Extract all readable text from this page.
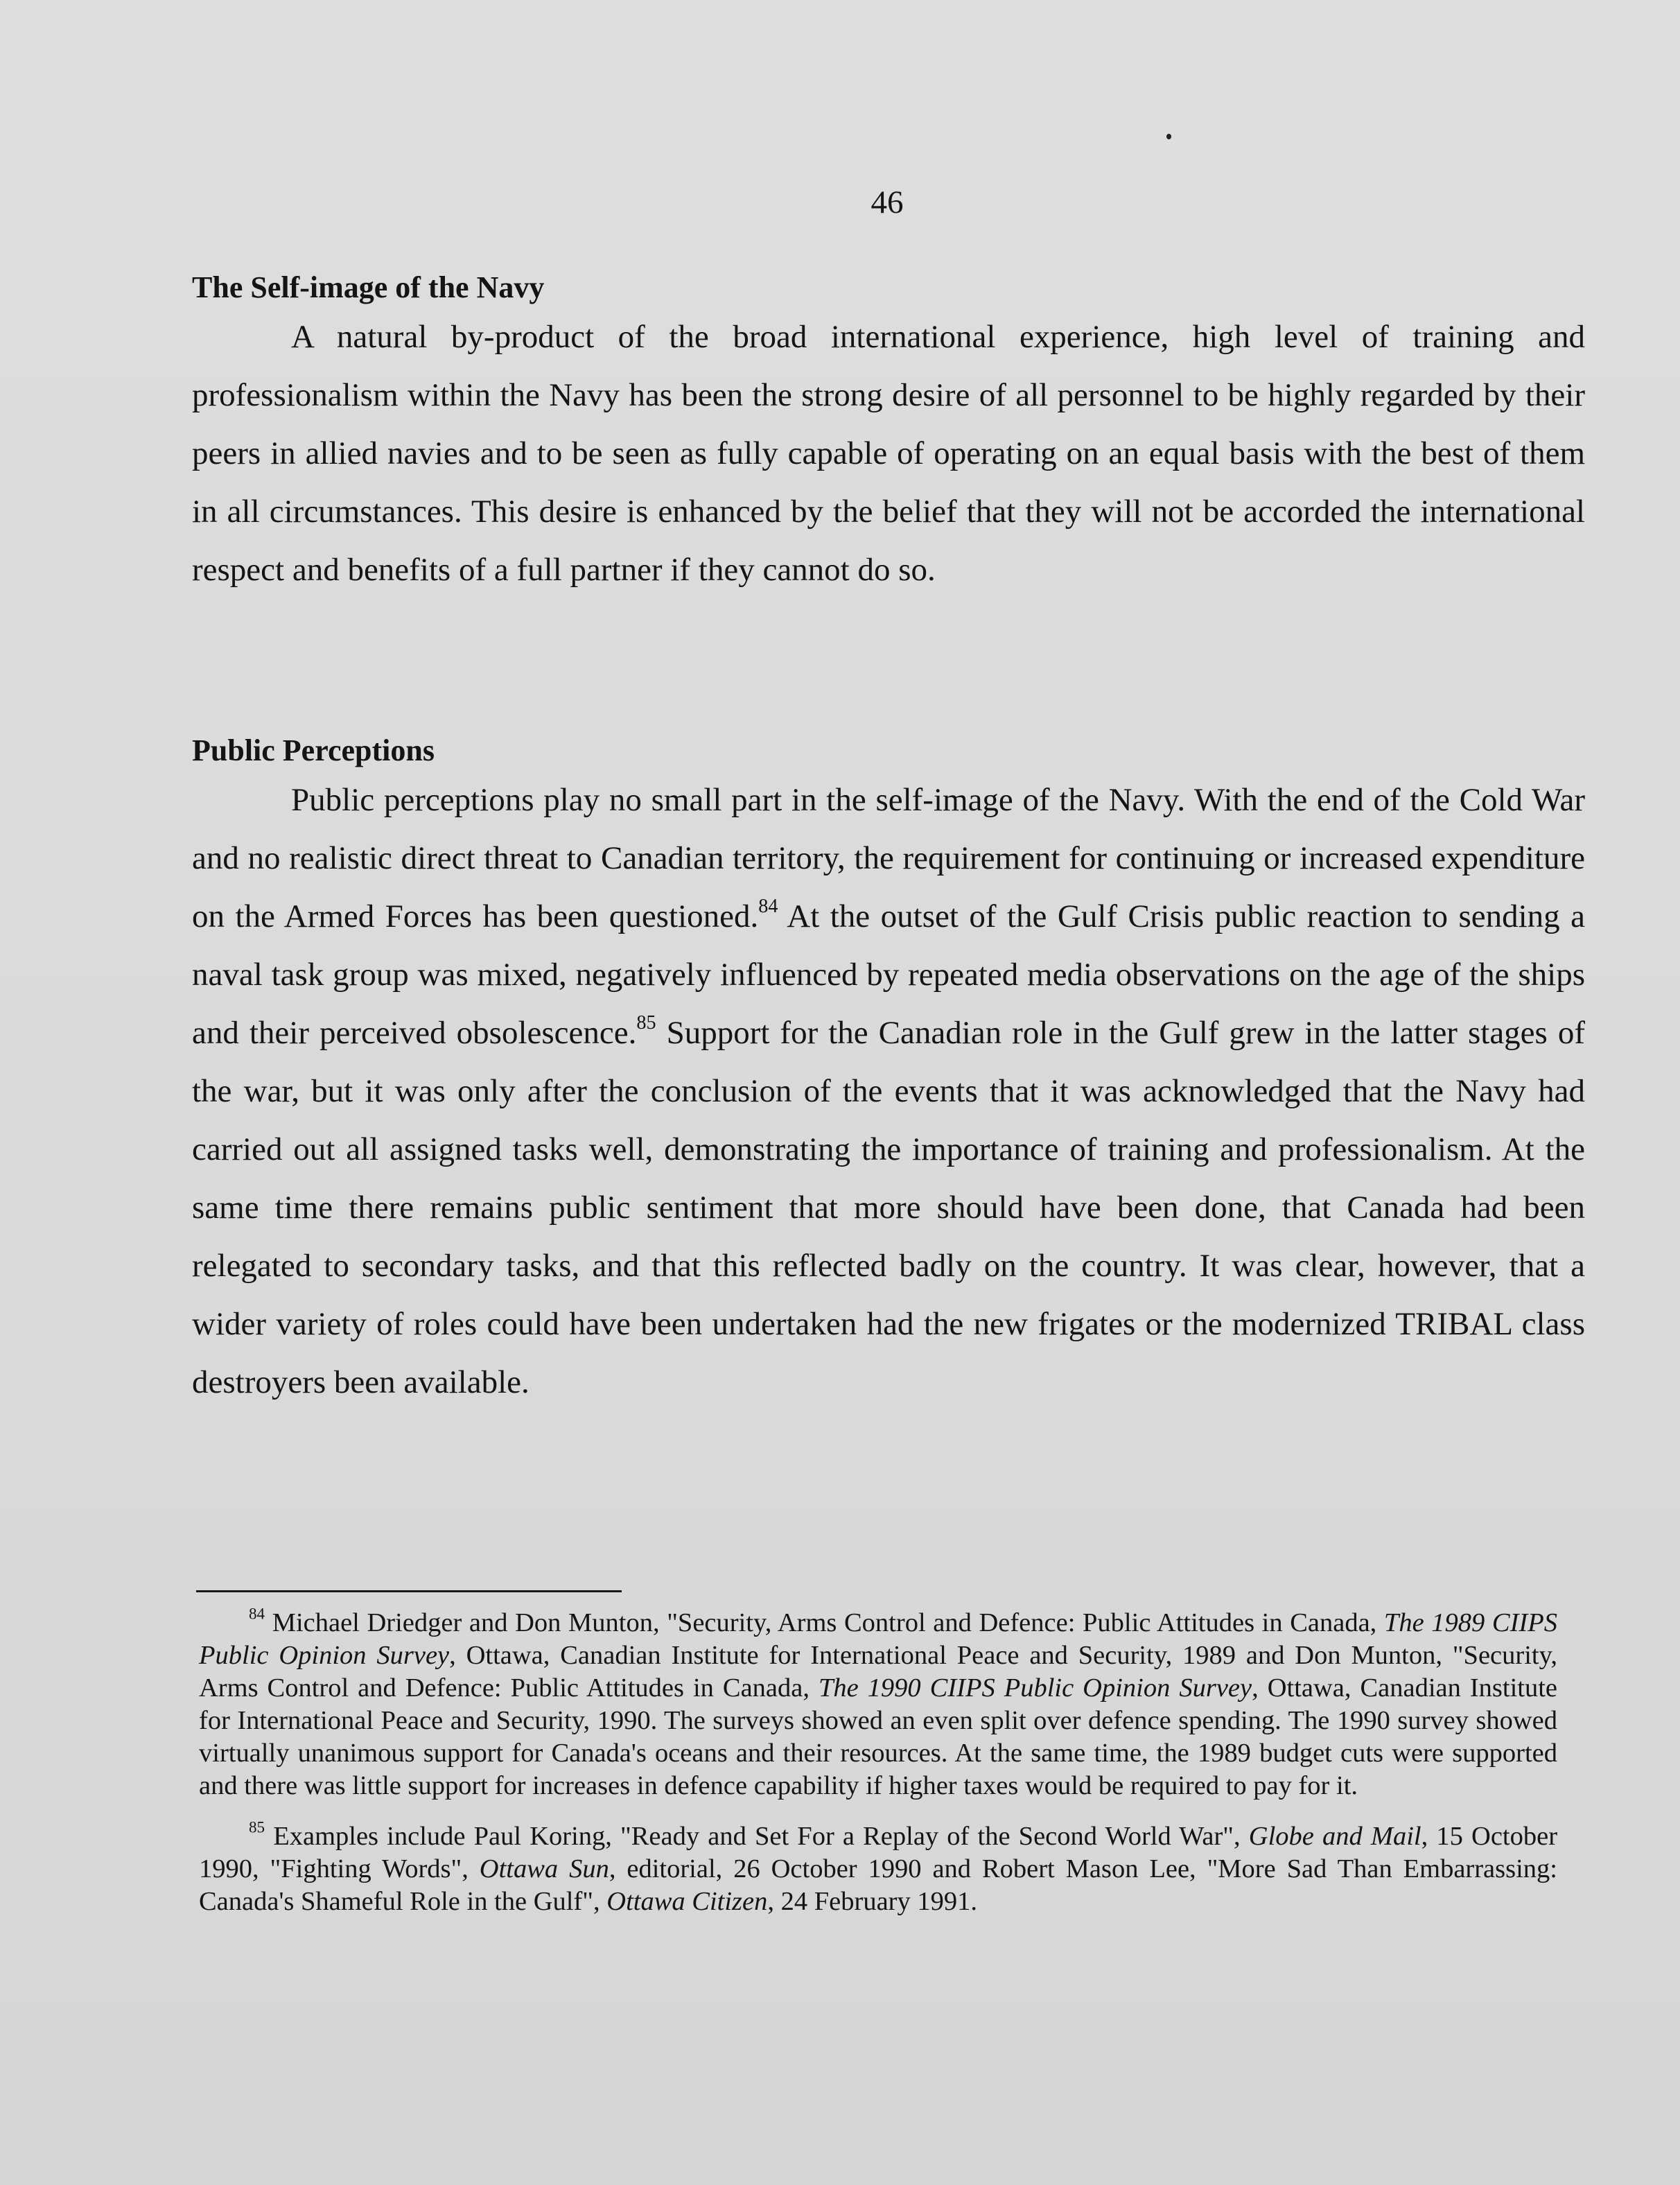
46
The Self-image of the Navy

A natural by-product of the broad international experience, high level of training and professionalism within the Navy has been the strong desire of all personnel to be highly regarded by their peers in allied navies and to be seen as fully capable of operating on an equal basis with the best of them in all circumstances. This desire is enhanced by the belief that they will not be accorded the international respect and benefits of a full partner if they cannot do so.

Public Perceptions

Public perceptions play no small part in the self-image of the Navy. With the end of the Cold War and no realistic direct threat to Canadian territory, the requirement for continuing or increased expenditure on the Armed Forces has been questioned.$^{84}$ At the outset of the Gulf Crisis public reaction to sending a naval task group was mixed, negatively influenced by repeated media observations on the age of the ships and their perceived obsolescence.$^{85}$ Support for the Canadian role in the Gulf grew in the latter stages of the war, but it was only after the conclusion of the events that it was acknowledged that the Navy had carried out all assigned tasks well, demonstrating the importance of training and professionalism. At the same time there remains public sentiment that more should have been done, that Canada had been relegated to secondary tasks, and that this reflected badly on the country. It was clear, however, that a wider variety of roles could have been undertaken had the new frigates or the modernized TRIBAL class destroyers been available.

$^{84}$ Michael Driedger and Don Munton, "Security, Arms Control and Defence: Public Attitudes in Canada, The 1989 CIIPS Public Opinion Survey, Ottawa, Canadian Institute for International Peace and Security, 1989 and Don Munton, "Security, Arms Control and Defence: Public Attitudes in Canada, The 1990 CIIPS Public Opinion Survey, Ottawa, Canadian Institute for International Peace and Security, 1990. The surveys showed an even split over defence spending. The 1990 survey showed virtually unanimous support for Canada's oceans and their resources. At the same time, the 1989 budget cuts were supported and there was little support for increases in defence capability if higher taxes would be required to pay for it.

$^{85}$ Examples include Paul Koring, "Ready and Set For a Replay of the Second World War", Globe and Mail, 15 October 1990, "Fighting Words", Ottawa Sun, editorial, 26 October 1990 and Robert Mason Lee, "More Sad Than Embarrassing: Canada's Shameful Role in the Gulf", Ottawa Citizen, 24 February 1991.
